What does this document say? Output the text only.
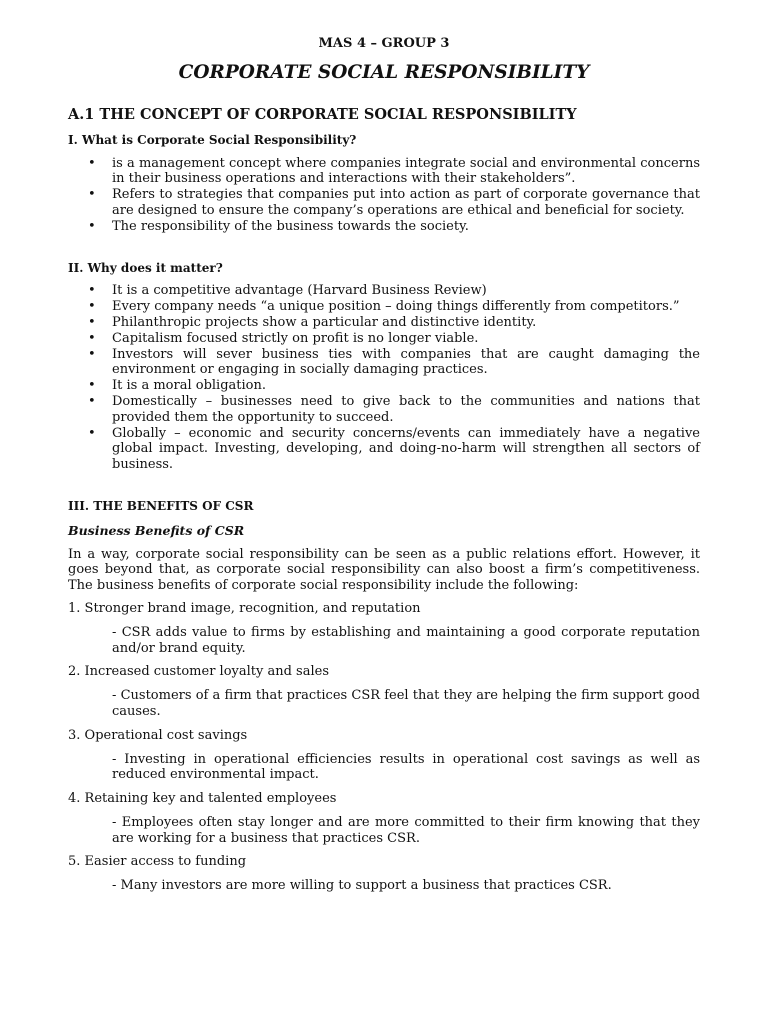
MAS 4 – GROUP 3
CORPORATE SOCIAL RESPONSIBILITY
A.1 THE CONCEPT OF CORPORATE SOCIAL RESPONSIBILITY
I. What is Corporate Social Responsibility?
• is a management concept where companies integrate social and environmental concerns in their business operations and interactions with their stakeholders”.
• Refers to strategies that companies put into action as part of corporate governance that are designed to ensure the company’s operations are ethical and beneficial for society.
• The responsibility of the business towards the society.
II. Why does it matter?
• It is a competitive advantage (Harvard Business Review)
• Every company needs “a unique position – doing things differently from competitors.”
• Philanthropic projects show a particular and distinctive identity.
• Capitalism focused strictly on profit is no longer viable.
• Investors will sever business ties with companies that are caught damaging the environment or engaging in socially damaging practices.
• It is a moral obligation.
• Domestically – businesses need to give back to the communities and nations that provided them the opportunity to succeed.
• Globally – economic and security concerns/events can immediately have a negative global impact. Investing, developing, and doing-no-harm will strengthen all sectors of business.
III. THE BENEFITS OF CSR
Business Benefits of CSR
In a way, corporate social responsibility can be seen as a public relations effort. However, it goes beyond that, as corporate social responsibility can also boost a firm’s competitiveness. The business benefits of corporate social responsibility include the following:
1. Stronger brand image, recognition, and reputation
- CSR adds value to firms by establishing and maintaining a good corporate reputation and/or brand equity.
2. Increased customer loyalty and sales
- Customers of a firm that practices CSR feel that they are helping the firm support good causes.
3. Operational cost savings
- Investing in operational efficiencies results in operational cost savings as well as reduced environmental impact.
4. Retaining key and talented employees
- Employees often stay longer and are more committed to their firm knowing that they are working for a business that practices CSR.
5. Easier access to funding
- Many investors are more willing to support a business that practices CSR.
